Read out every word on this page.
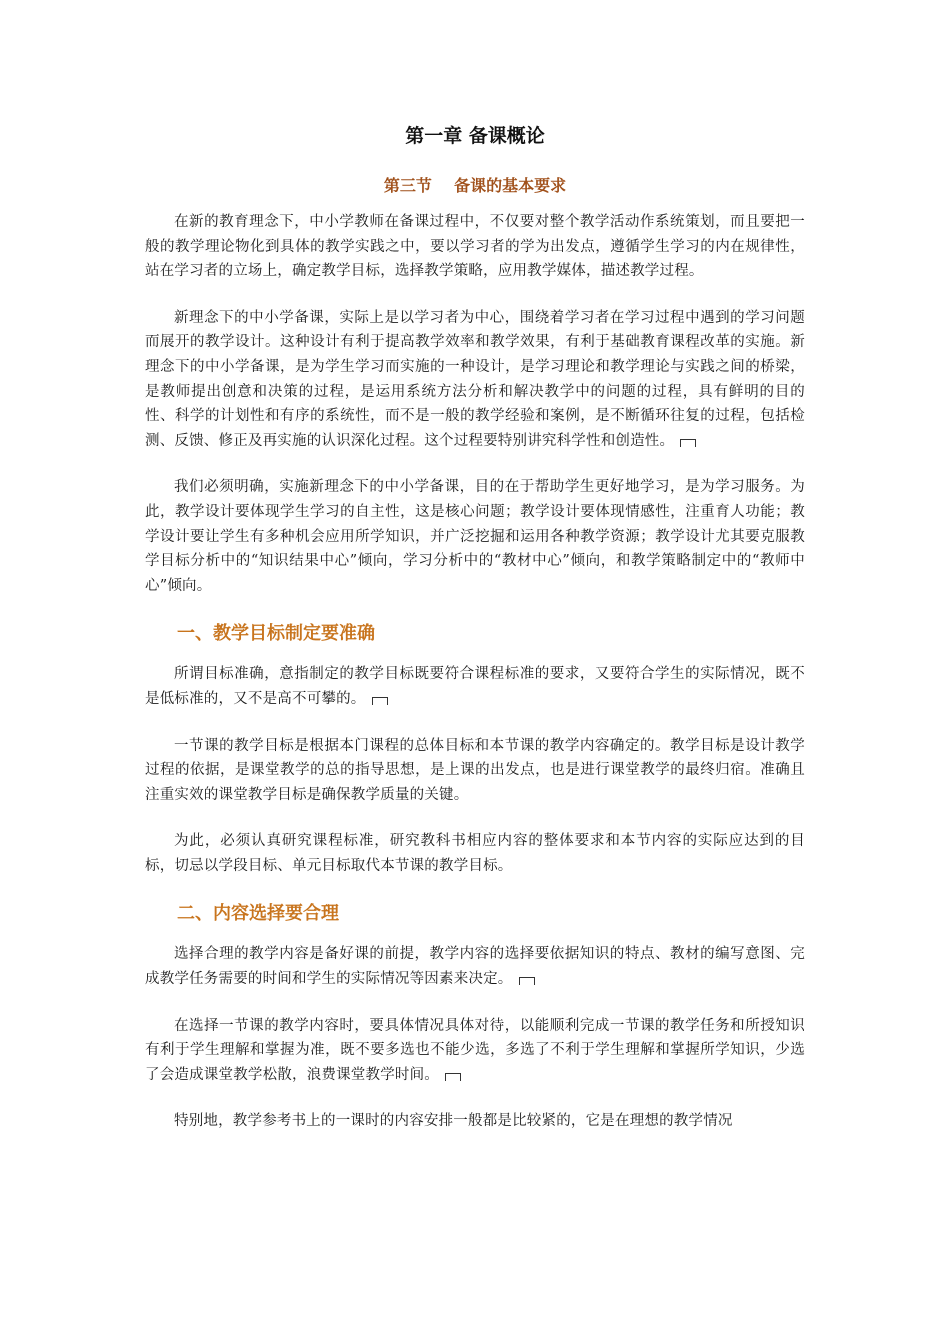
第一章 备课概论
第三节    备课的基本要求

在新的教育理念下，中小学教师在备课过程中，不仅要对整个教学活动作系统策划，而且要把一般的教学理论物化到具体的教学实践之中，要以学习者的学为出发点，遵循学生学习的内在规律性，站在学习者的立场上，确定教学目标，选择教学策略，应用教学媒体，描述教学过程。

新理念下的中小学备课，实际上是以学习者为中心，围绕着学习者在学习过程中遇到的学习问题而展开的教学设计。这种设计有利于提高教学效率和教学效果，有利于基础教育课程改革的实施。新理念下的中小学备课，是为学生学习而实施的一种设计，是学习理论和教学理论与实践之间的桥梁，是教师提出创意和决策的过程，是运用系统方法分析和解决教学中的问题的过程，具有鲜明的目的性、科学的计划性和有序的系统性，而不是一般的教学经验和案例，是不断循环往复的过程，包括检测、反馈、修正及再实施的认识深化过程。这个过程要特别讲究科学性和创造性。

我们必须明确，实施新理念下的中小学备课，目的在于帮助学生更好地学习，是为学习服务。为此，教学设计要体现学生学习的自主性，这是核心问题；教学设计要体现情感性，注重育人功能；教学设计要让学生有多种机会应用所学知识，并广泛挖掘和运用各种教学资源；教学设计尤其要克服教学目标分析中的“知识结果中心”倾向，学习分析中的“教材中心”倾向，和教学策略制定中的“教师中心”倾向。

一、教学目标制定要准确

所谓目标准确，意指制定的教学目标既要符合课程标准的要求，又要符合学生的实际情况，既不是低标准的，又不是高不可攀的。

一节课的教学目标是根据本门课程的总体目标和本节课的教学内容确定的。教学目标是设计教学过程的依据，是课堂教学的总的指导思想，是上课的出发点，也是进行课堂教学的最终归宿。准确且注重实效的课堂教学目标是确保教学质量的关键。

为此，必须认真研究课程标准，研究教科书相应内容的整体要求和本节内容的实际应达到的目标，切忌以学段目标、单元目标取代本节课的教学目标。

二、内容选择要合理

选择合理的教学内容是备好课的前提，教学内容的选择要依据知识的特点、教材的编写意图、完成教学任务需要的时间和学生的实际情况等因素来决定。

在选择一节课的教学内容时，要具体情况具体对待，以能顺利完成一节课的教学任务和所授知识有利于学生理解和掌握为准，既不要多选也不能少选，多选了不利于学生理解和掌握所学知识，少选了会造成课堂教学松散，浪费课堂教学时间。

特别地，教学参考书上的一课时的内容安排一般都是比较紧的，它是在理想的教学情况
